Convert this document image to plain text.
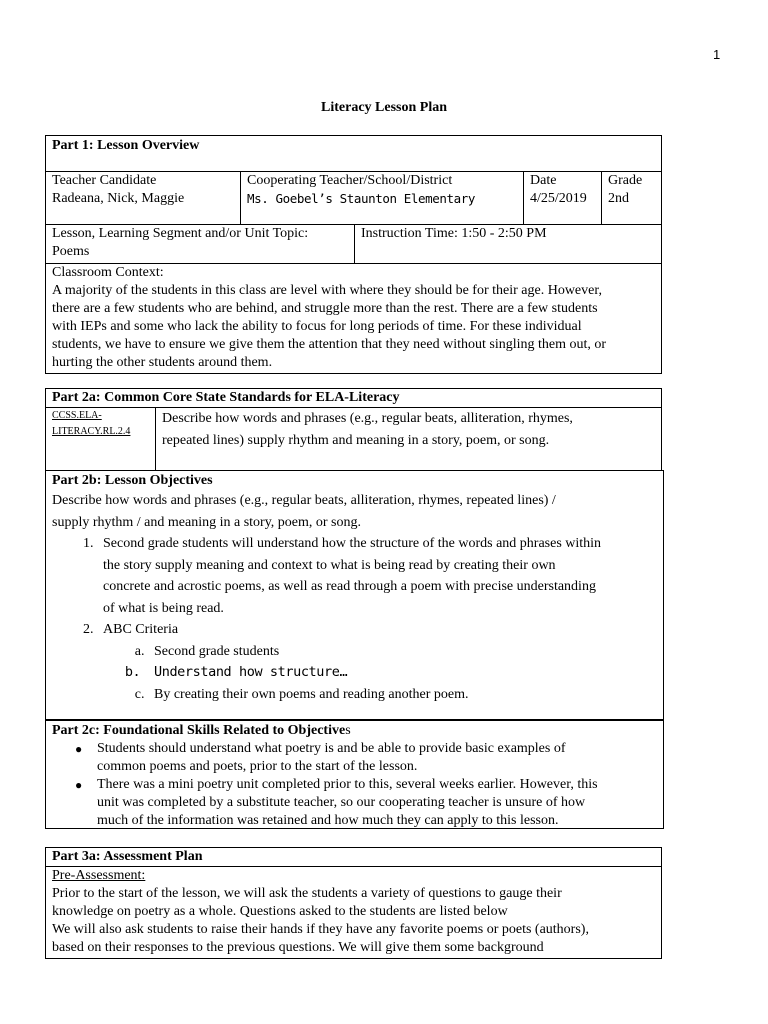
1
Literacy Lesson Plan
Part 1: Lesson Overview
Teacher Candidate
Radeana, Nick, Maggie
Cooperating Teacher/School/District
Ms. Goebel’s Staunton Elementary
Date
4/25/2019
Grade
2nd
Lesson, Learning Segment and/or Unit Topic:
Poems
Instruction Time: 1:50 - 2:50 PM
Classroom Context:
A majority of the students in this class are level with where they should be for their age. However,
there are a few students who are behind, and struggle more than the rest. There are a few students
with IEPs and some who lack the ability to focus for long periods of time. For these individual
students, we have to ensure we give them the attention that they need without singling them out, or
hurting the other students around them.
Part 2a: Common Core State Standards for ELA-Literacy
CCSS.ELA-
LITERACY.RL.2.4
Describe how words and phrases (e.g., regular beats, alliteration, rhymes,
repeated lines) supply rhythm and meaning in a story, poem, or song.
Part 2b: Lesson Objectives
Describe how words and phrases (e.g., regular beats, alliteration, rhymes, repeated lines) /
supply rhythm / and meaning in a story, poem, or song.
1. Second grade students will understand how the structure of the words and phrases within
the story supply meaning and context to what is being read by creating their own
concrete and acrostic poems, as well as read through a poem with precise understanding
of what is being read.
2. ABC Criteria
a. Second grade students
b. Understand how structure…
c. By creating their own poems and reading another poem.
Part 2c: Foundational Skills Related to Objectives
● Students should understand what poetry is and be able to provide basic examples of
common poems and poets, prior to the start of the lesson.
● There was a mini poetry unit completed prior to this, several weeks earlier. However, this
unit was completed by a substitute teacher, so our cooperating teacher is unsure of how
much of the information was retained and how much they can apply to this lesson.
Part 3a: Assessment Plan
Pre-Assessment:
Prior to the start of the lesson, we will ask the students a variety of questions to gauge their
knowledge on poetry as a whole. Questions asked to the students are listed below
We will also ask students to raise their hands if they have any favorite poems or poets (authors),
based on their responses to the previous questions. We will give them some background
